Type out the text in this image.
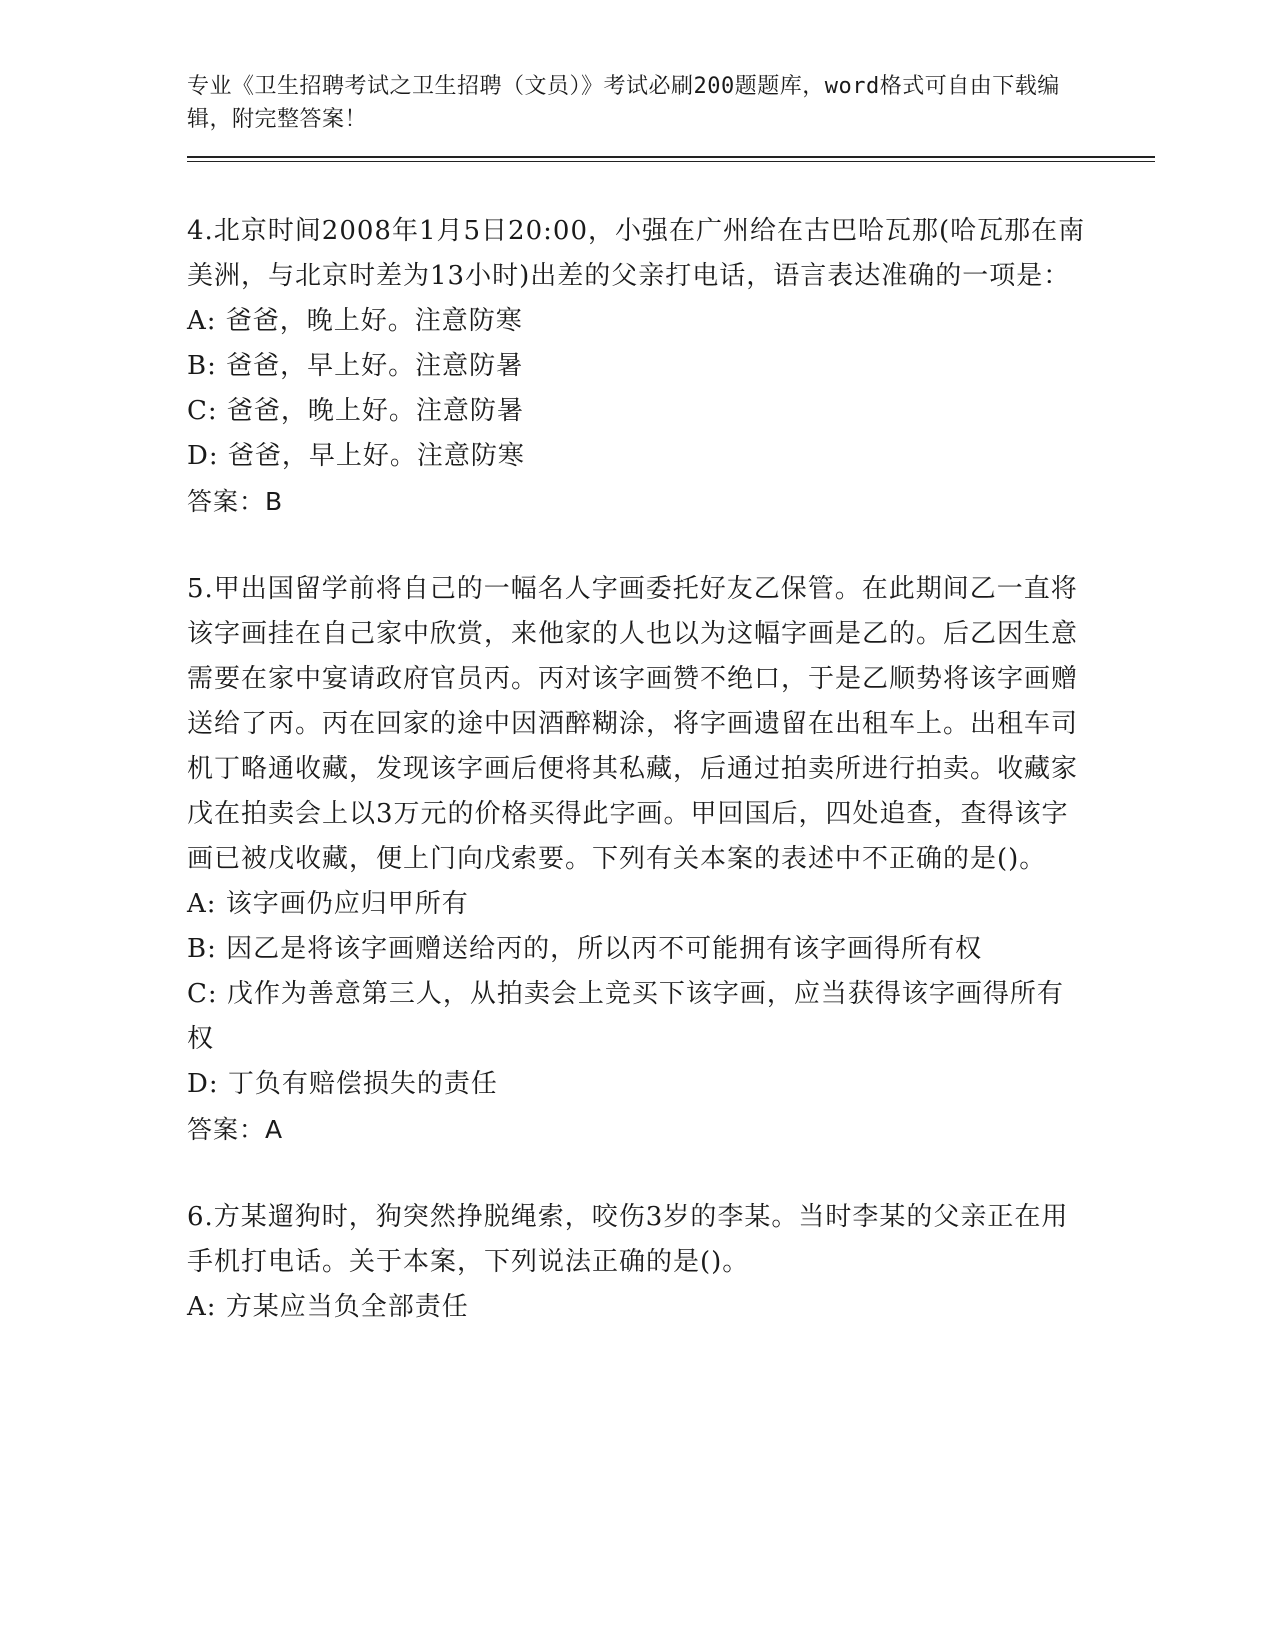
专业《卫生招聘考试之卫生招聘（文员）》考试必刷200题题库，word格式可自由下载编辑，附完整答案！
4.北京时间2008年1月5日20:00，小强在广州给在古巴哈瓦那(哈瓦那在南美洲，与北京时差为13小时)出差的父亲打电话，语言表达准确的一项是：
A: 爸爸，晚上好。注意防寒
B: 爸爸，早上好。注意防暑
C: 爸爸，晚上好。注意防暑
D: 爸爸，早上好。注意防寒
答案：B
5.甲出国留学前将自己的一幅名人字画委托好友乙保管。在此期间乙一直将该字画挂在自己家中欣赏，来他家的人也以为这幅字画是乙的。后乙因生意需要在家中宴请政府官员丙。丙对该字画赞不绝口，于是乙顺势将该字画赠送给了丙。丙在回家的途中因酒醉糊涂，将字画遗留在出租车上。出租车司机丁略通收藏，发现该字画后便将其私藏，后通过拍卖所进行拍卖。收藏家戊在拍卖会上以3万元的价格买得此字画。甲回国后，四处追查，查得该字画已被戊收藏，便上门向戊索要。下列有关本案的表述中不正确的是()。
A: 该字画仍应归甲所有
B: 因乙是将该字画赠送给丙的，所以丙不可能拥有该字画得所有权
C: 戊作为善意第三人，从拍卖会上竞买下该字画，应当获得该字画得所有权
D: 丁负有赔偿损失的责任
答案：A
6.方某遛狗时，狗突然挣脱绳索，咬伤3岁的李某。当时李某的父亲正在用手机打电话。关于本案，下列说法正确的是()。
A: 方某应当负全部责任
